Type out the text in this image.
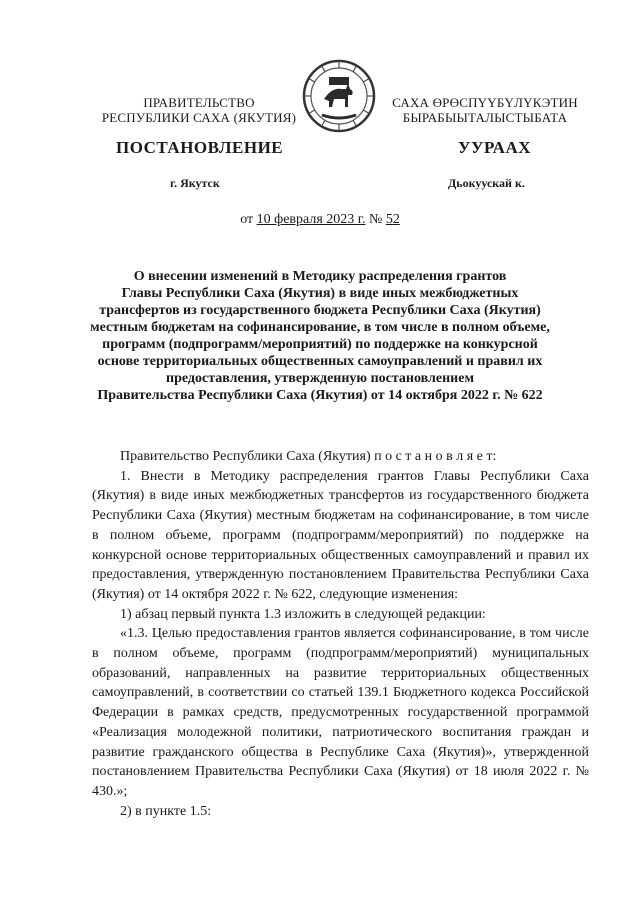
ПРАВИТЕЛЬСТВО
РЕСПУБЛИКИ САХА (ЯКУТИЯ)
САХА ӨРӨСПҮҮБҮЛҮКЭТИН
БЫРАБЫЫТАЛЫСТЫБАТА
ПОСТАНОВЛЕНИЕ	УУРААХ
г. Якутск	Дьокуускай к.
от 10 февраля 2023 г. № 52
О внесении изменений в Методику распределения грантов
Главы Республики Саха (Якутия) в виде иных межбюджетных
трансфертов из государственного бюджета Республики Саха (Якутия)
местным бюджетам на софинансирование, в том числе в полном объеме,
программ (подпрограмм/мероприятий) по поддержке на конкурсной
основе территориальных общественных самоуправлений и правил их
предоставления, утвержденную постановлением
Правительства Республики Саха (Якутия) от 14 октября 2022 г. № 622

Правительство Республики Саха (Якутия) п о с т а н о в л я е т:

1. Внести в Методику распределения грантов Главы Республики Саха (Якутия) в виде иных межбюджетных трансфертов из государственного бюджета Республики Саха (Якутия) местным бюджетам на софинансирование, в том числе в полном объеме, программ (подпрограмм/мероприятий) по поддержке на конкурсной основе территориальных общественных самоуправлений и правил их предоставления, утвержденную постановлением Правительства Республики Саха (Якутия) от 14 октября 2022 г. № 622, следующие изменения:

1) абзац первый пункта 1.3 изложить в следующей редакции:

«1.3. Целью предоставления грантов является софинансирование, в том числе в полном объеме, программ (подпрограмм/мероприятий) муниципальных образований, направленных на развитие территориальных общественных самоуправлений, в соответствии со статьей 139.1 Бюджетного кодекса Российской Федерации в рамках средств, предусмотренных государственной программой «Реализация молодежной политики, патриотического воспитания граждан и развитие гражданского общества в Республике Саха (Якутия)», утвержденной постановлением Правительства Республики Саха (Якутия) от 18 июля 2022 г. № 430.»;

2) в пункте 1.5:
